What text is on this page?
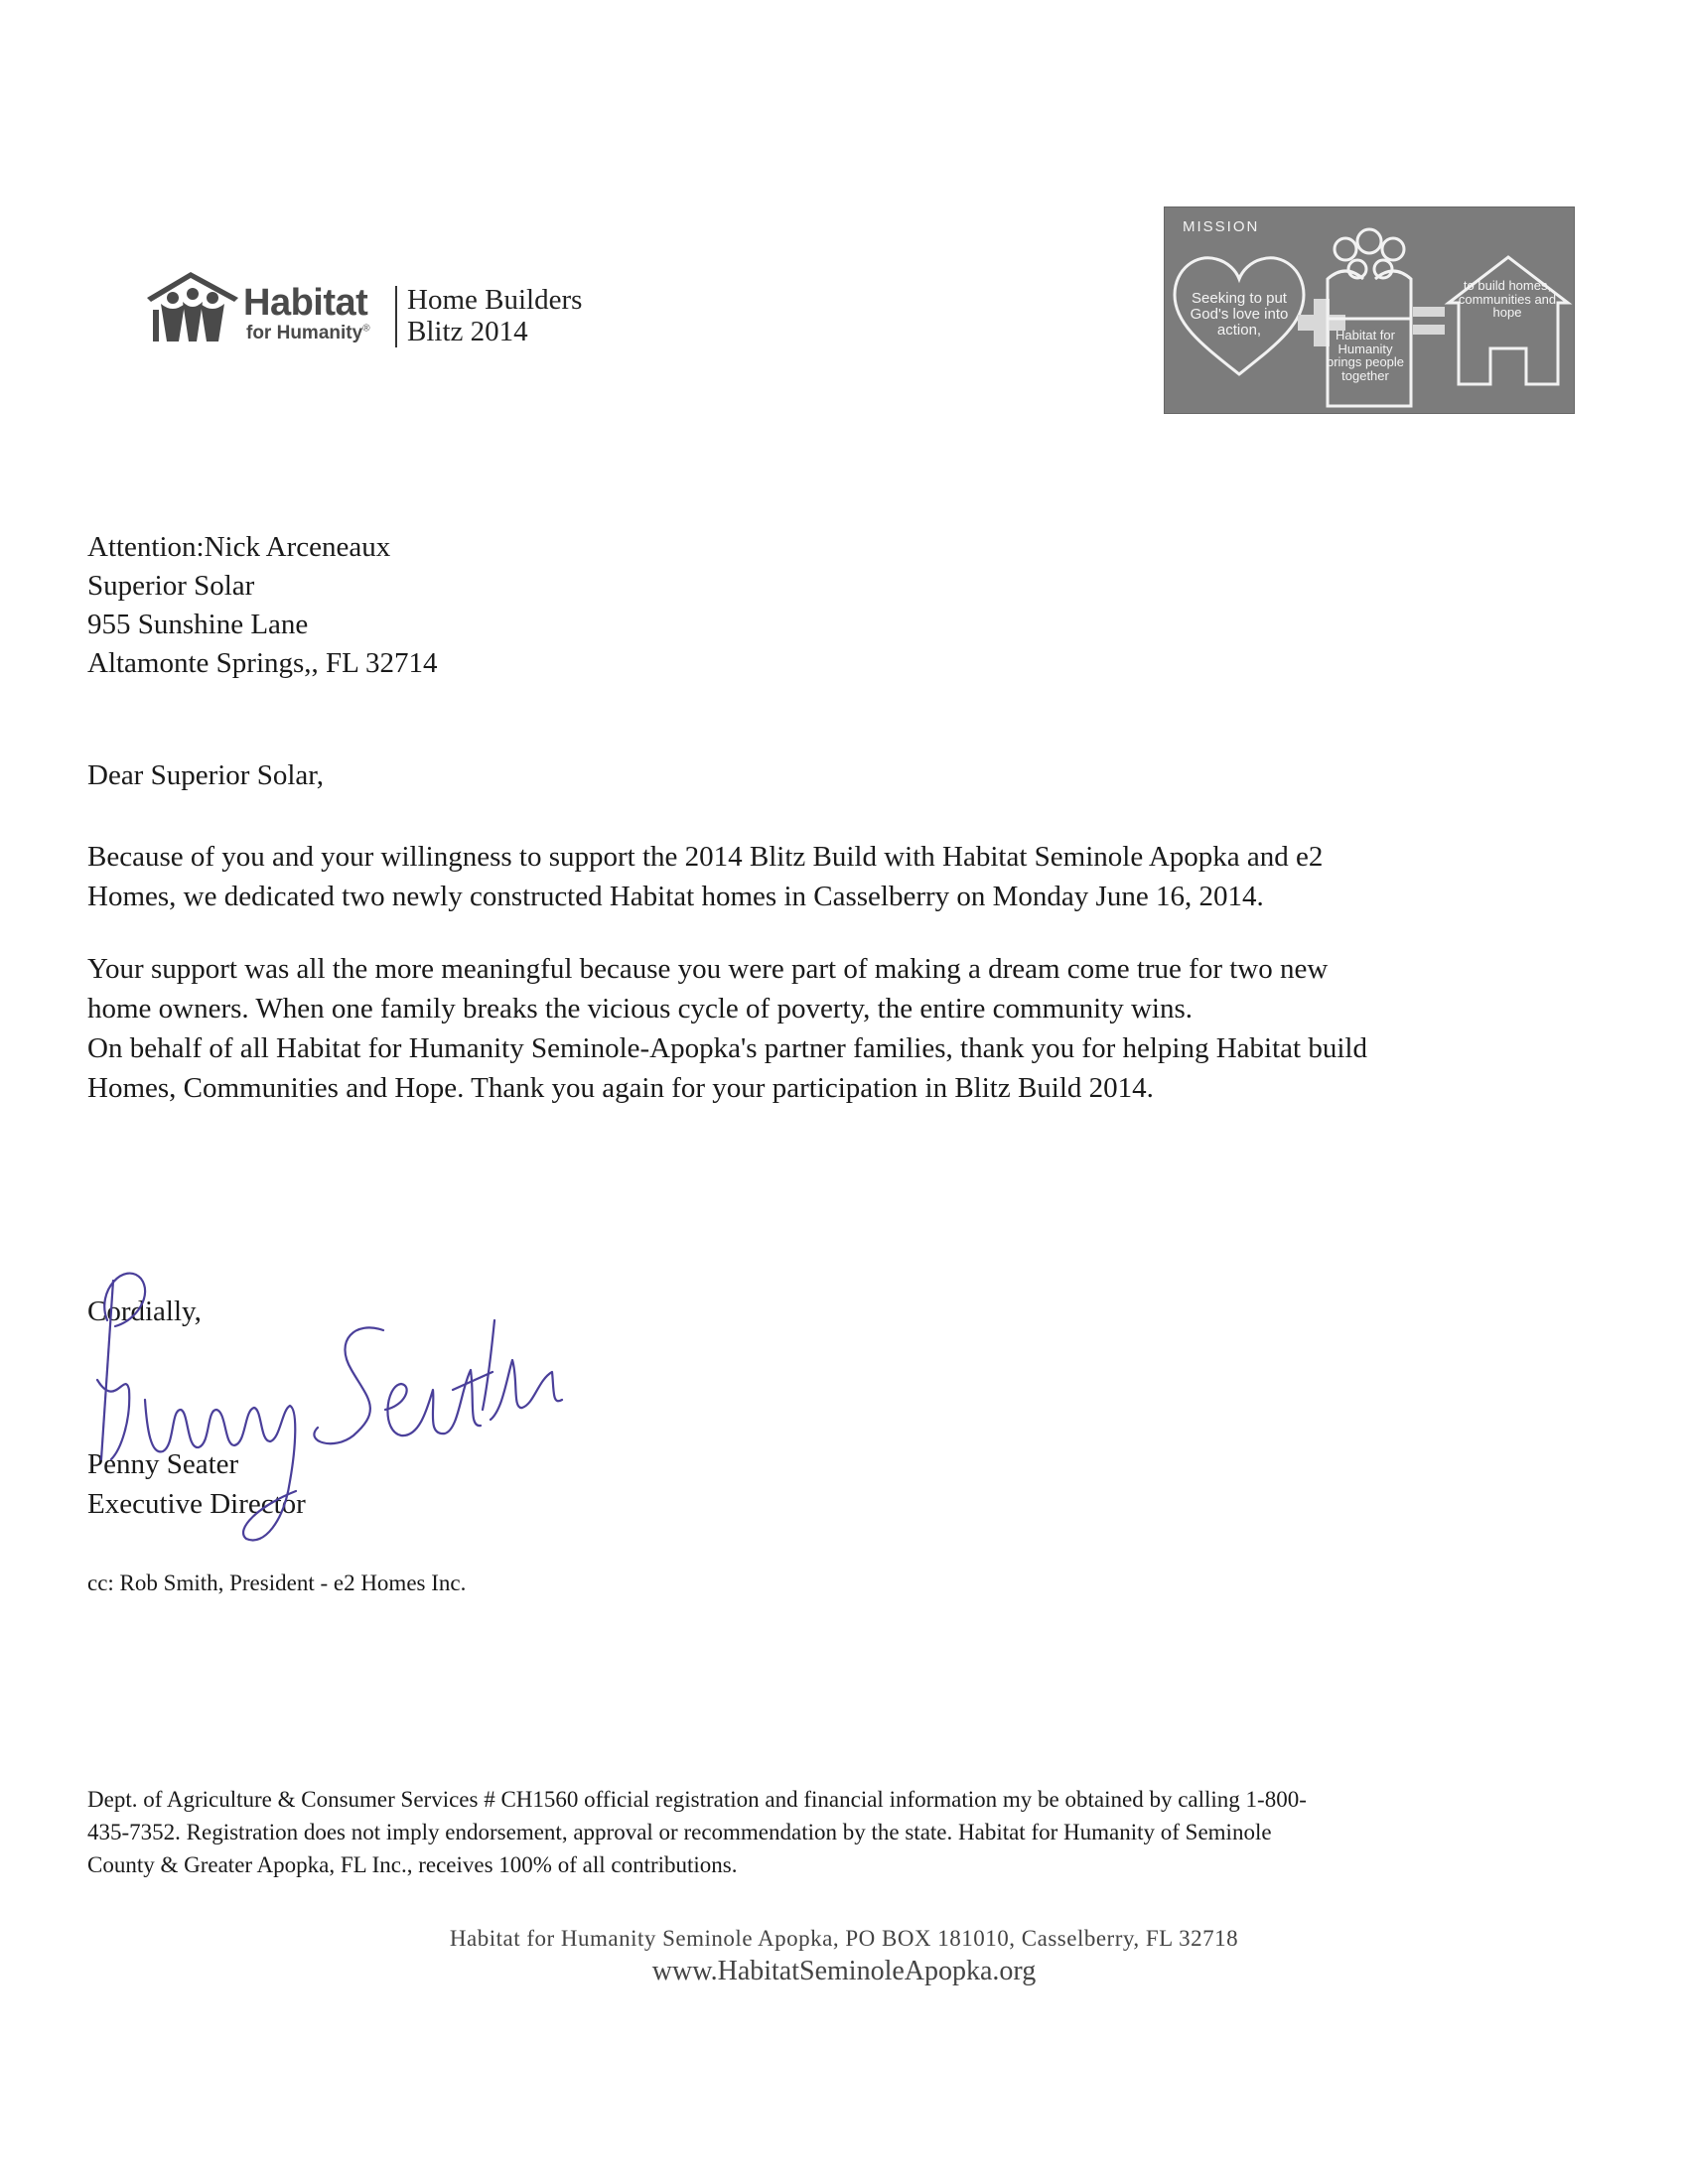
Habitat
for Humanity®
Home Builders
Blitz 2014
MISSION
Seeking to put God's love into action,	Habitat for Humanity brings people together
to build homes, communities and hope
Attention:Nick Arceneaux
Superior Solar
955 Sunshine Lane
Altamonte Springs,, FL 32714
Dear Superior Solar,
Because of you and your willingness to support the 2014 Blitz Build with Habitat Seminole Apopka and e2
Homes, we dedicated two newly constructed Habitat homes in Casselberry on Monday June 16, 2014.
Your support was all the more meaningful because you were part of making a dream come true for two new
home owners. When one family breaks the vicious cycle of poverty, the entire community wins.
On behalf of all Habitat for Humanity Seminole-Apopka's partner families, thank you for helping Habitat build
Homes, Communities and Hope. Thank you again for your participation in Blitz Build 2014.
Cordially,
Penny Seater
Executive Director
cc: Rob Smith, President - e2 Homes Inc.
Dept. of Agriculture & Consumer Services # CH1560 official registration and financial information my be obtained by calling 1-800-
435-7352. Registration does not imply endorsement, approval or recommendation by the state. Habitat for Humanity of Seminole
County & Greater Apopka, FL Inc., receives 100% of all contributions.
Habitat for Humanity Seminole Apopka, PO BOX 181010, Casselberry, FL 32718
www.HabitatSeminoleApopka.org
